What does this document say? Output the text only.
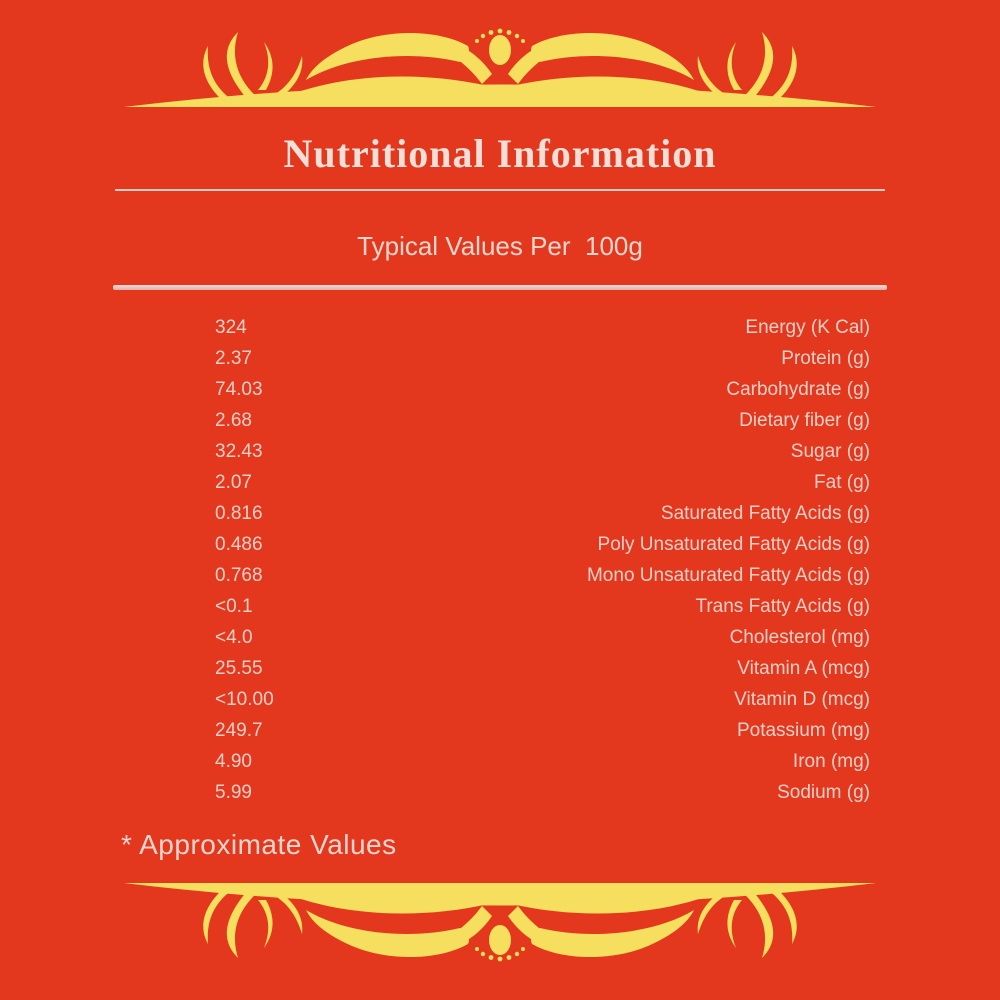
Nutritional Information
Typical Values Per  100g
324	Energy (K Cal)
2.37	Protein (g)
74.03	Carbohydrate (g)
2.68	Dietary fiber (g)
32.43	Sugar (g)
2.07	Fat (g)
0.816	Saturated Fatty Acids (g)
0.486	Poly Unsaturated Fatty Acids (g)
0.768	Mono Unsaturated Fatty Acids (g)
<0.1	Trans Fatty Acids (g)
<4.0	Cholesterol (mg)
25.55	Vitamin A (mcg)
<10.00	Vitamin D (mcg)
249.7	Potassium (mg)
4.90	Iron (mg)
5.99	Sodium (g)
* Approximate Values
